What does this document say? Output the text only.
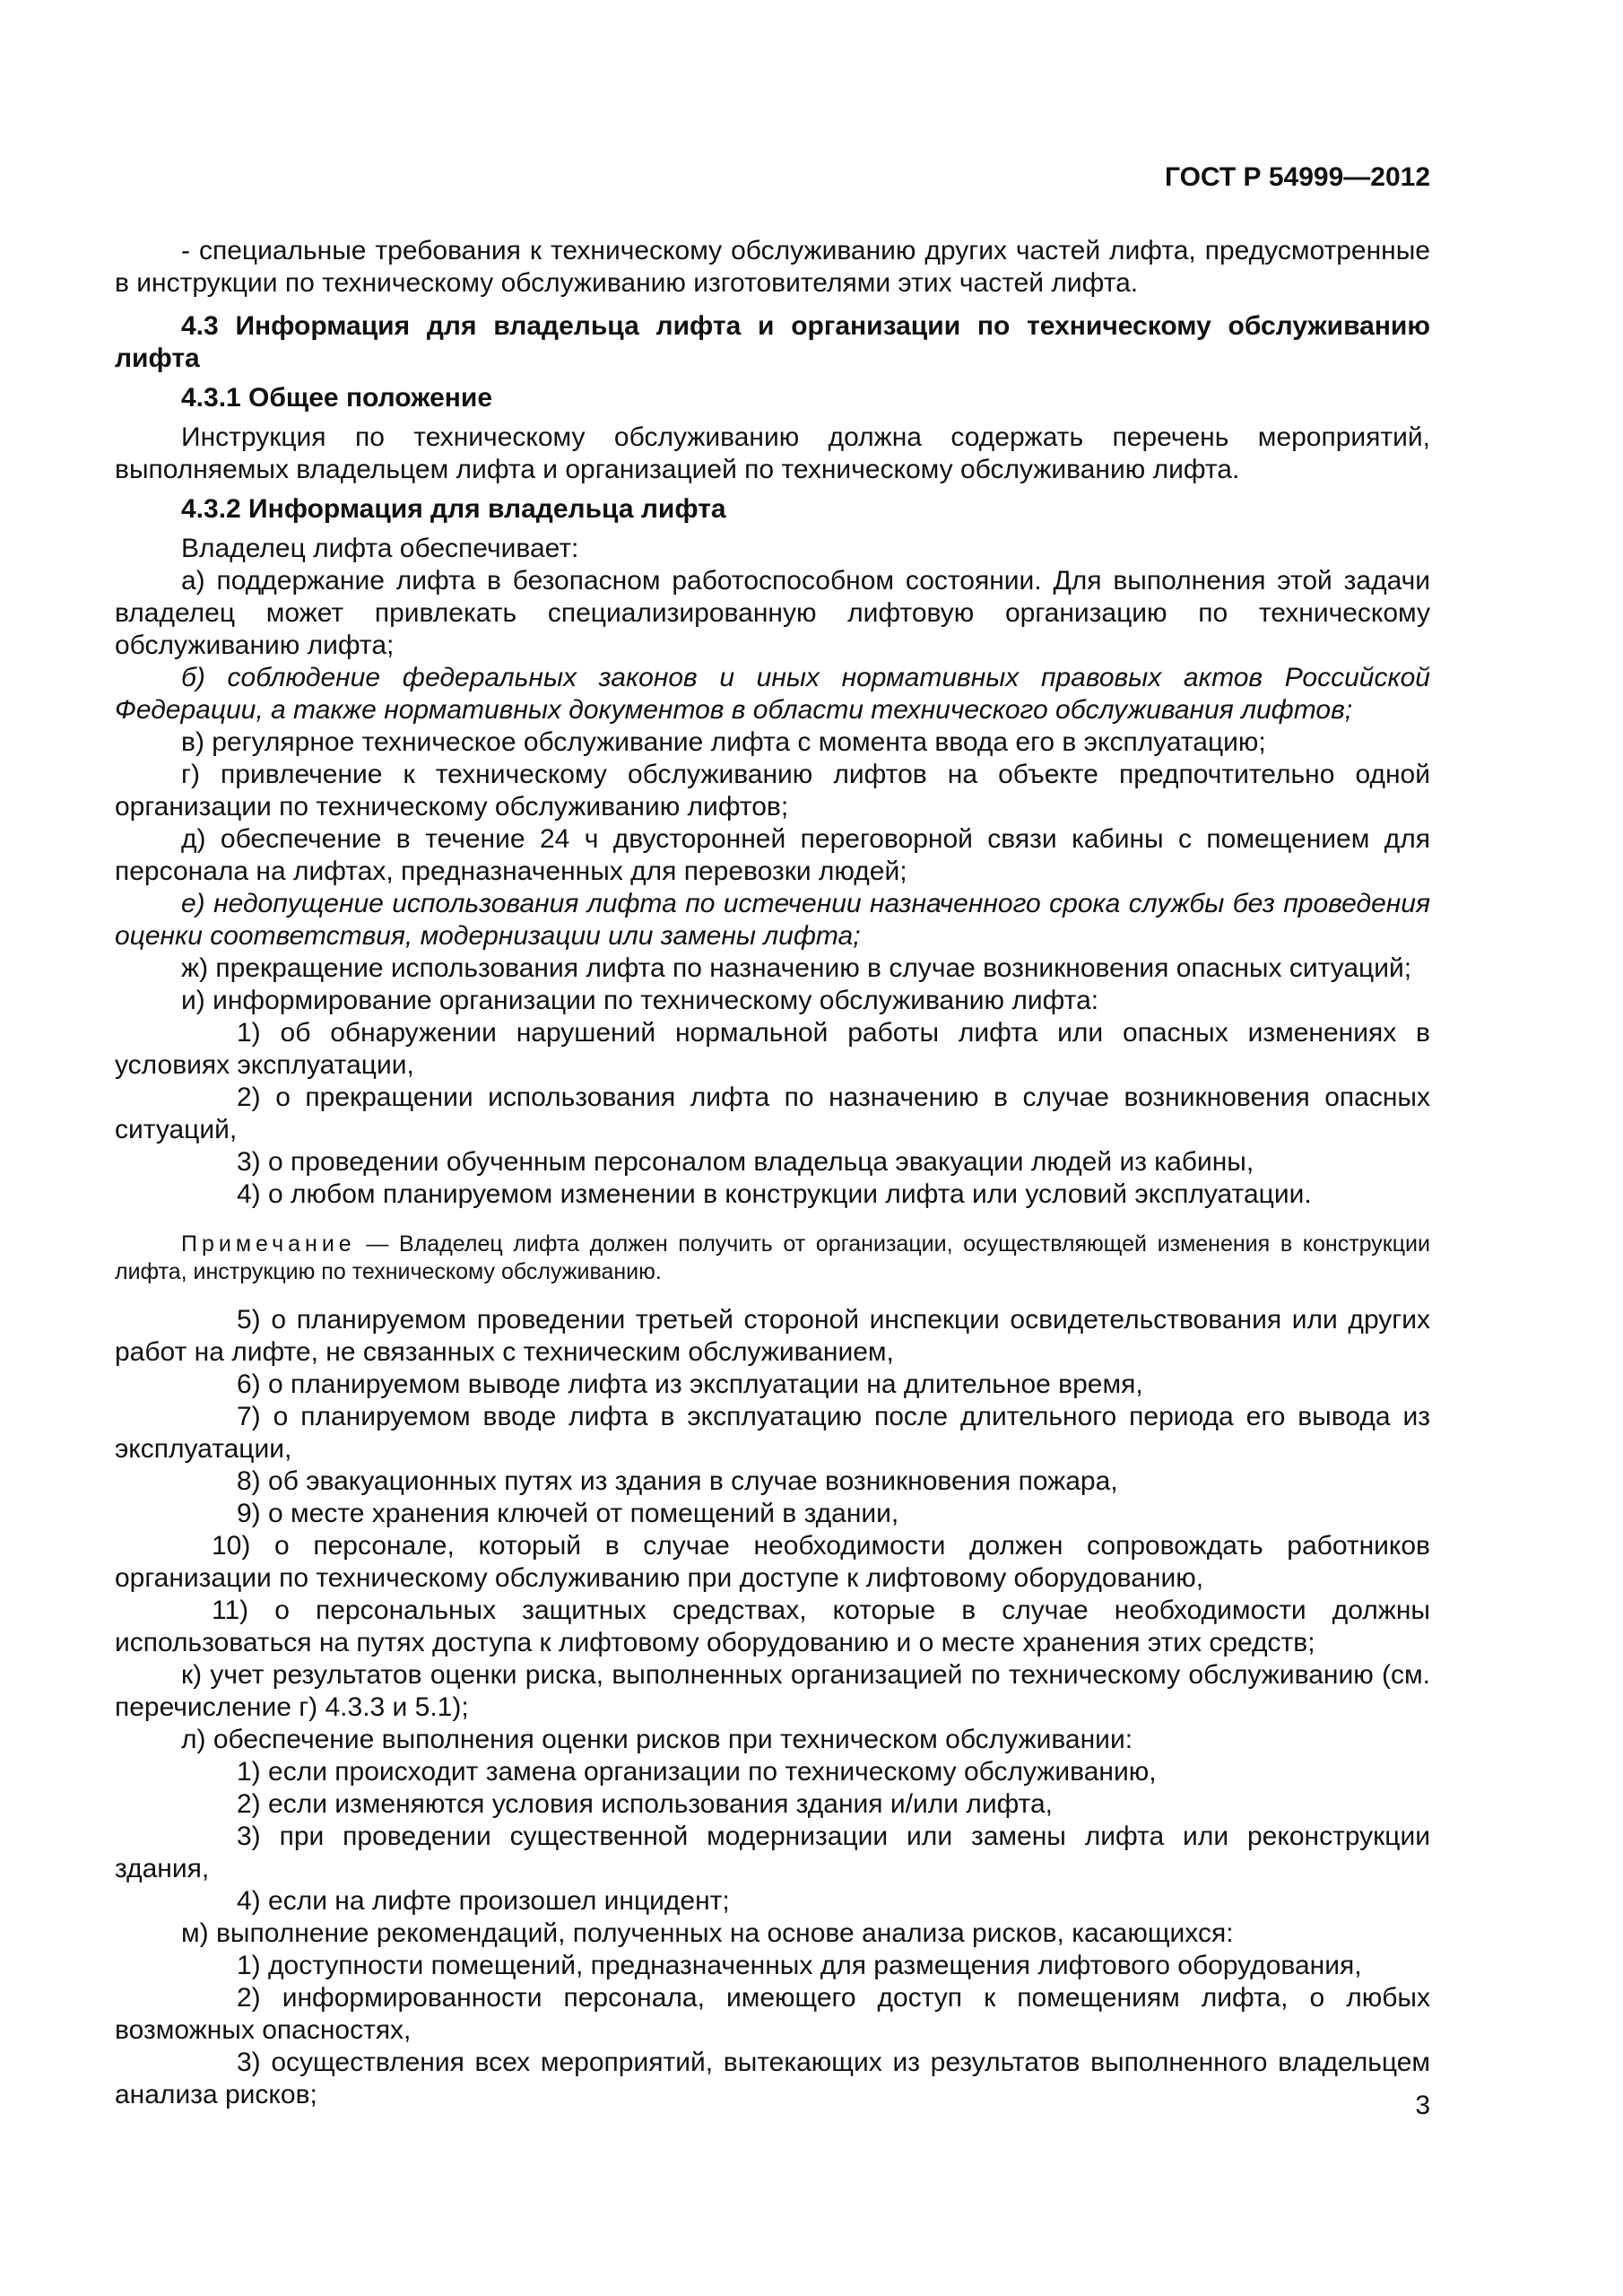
ГОСТ Р 54999—2012

- специальные требования к техническому обслуживанию других частей лифта, предусмотренные в инструкции по техническому обслуживанию изготовителями этих частей лифта.

4.3 Информация для владельца лифта и организации по техническому обслуживанию лифта

4.3.1 Общее положение

Инструкция по техническому обслуживанию должна содержать перечень мероприятий, выполняемых владельцем лифта и организацией по техническому обслуживанию лифта.

4.3.2 Информация для владельца лифта

Владелец лифта обеспечивает:

а) поддержание лифта в безопасном работоспособном состоянии. Для выполнения этой задачи владелец может привлекать специализированную лифтовую организацию по техническому обслуживанию лифта;

б) соблюдение федеральных законов и иных нормативных правовых актов Российской Федерации, а также нормативных документов в области технического обслуживания лифтов;

в) регулярное техническое обслуживание лифта с момента ввода его в эксплуатацию;

г) привлечение к техническому обслуживанию лифтов на объекте предпочтительно одной организации по техническому обслуживанию лифтов;

д) обеспечение в течение 24 ч двусторонней переговорной связи кабины с помещением для персонала на лифтах, предназначенных для перевозки людей;

е) недопущение использования лифта по истечении назначенного срока службы без проведения оценки соответствия, модернизации или замены лифта;

ж) прекращение использования лифта по назначению в случае возникновения опасных ситуаций;

и) информирование организации по техническому обслуживанию лифта:

1) об обнаружении нарушений нормальной работы лифта или опасных изменениях в условиях эксплуатации,

2) о прекращении использования лифта по назначению в случае возникновения опасных ситуаций,

3) о проведении обученным персоналом владельца эвакуации людей из кабины,

4) о любом планируемом изменении в конструкции лифта или условий эксплуатации.

Примечание — Владелец лифта должен получить от организации, осуществляющей изменения в конструкции лифта, инструкцию по техническому обслуживанию.

5) о планируемом проведении третьей стороной инспекции освидетельствования или других работ на лифте, не связанных с техническим обслуживанием,

6) о планируемом выводе лифта из эксплуатации на длительное время,

7) о планируемом вводе лифта в эксплуатацию после длительного периода его вывода из эксплуатации,

8) об эвакуационных путях из здания в случае возникновения пожара,

9) о месте хранения ключей от помещений в здании,

10) о персонале, который в случае необходимости должен сопровождать работников организации по техническому обслуживанию при доступе к лифтовому оборудованию,

11) о персональных защитных средствах, которые в случае необходимости должны использоваться на путях доступа к лифтовому оборудованию и о месте хранения этих средств;

к) учет результатов оценки риска, выполненных организацией по техническому обслуживанию (см. перечисление г) 4.3.3 и 5.1);

л) обеспечение выполнения оценки рисков при техническом обслуживании:

1) если происходит замена организации по техническому обслуживанию,

2) если изменяются условия использования здания и/или лифта,

3) при проведении существенной модернизации или замены лифта или реконструкции здания,

4) если на лифте произошел инцидент;

м) выполнение рекомендаций, полученных на основе анализа рисков, касающихся:

1) доступности помещений, предназначенных для размещения лифтового оборудования,

2) информированности персонала, имеющего доступ к помещениям лифта, о любых возможных опасностях,

3) осуществления всех мероприятий, вытекающих из результатов выполненного владельцем анализа рисков;	3
